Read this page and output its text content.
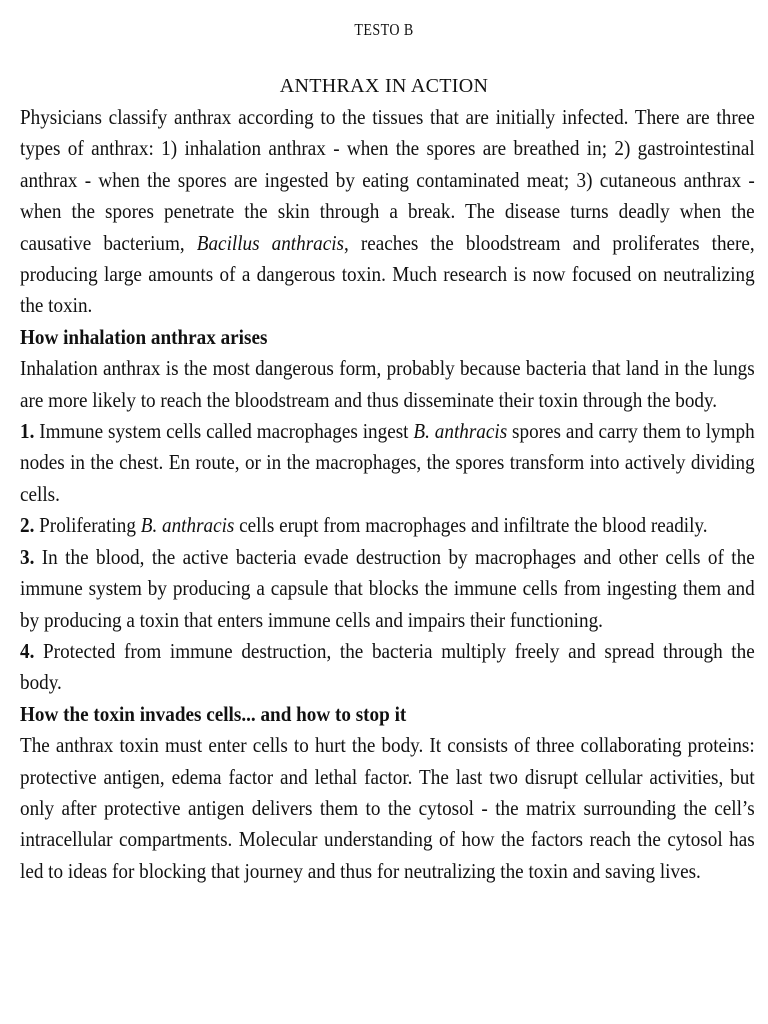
TESTO B
ANTHRAX IN ACTION

Physicians classify anthrax according to the tissues that are initially infected. There are three types of anthrax: 1) inhalation anthrax - when the spores are breathed in; 2) gastrointestinal anthrax - when the spores are ingested by eating contaminated meat; 3) cutaneous anthrax - when the spores penetrate the skin through a break. The disease turns deadly when the causative bacterium, Bacillus anthracis, reaches the bloodstream and proliferates there, producing large amounts of a dangerous toxin. Much research is now focused on neutralizing the toxin.

How inhalation anthrax arises

Inhalation anthrax is the most dangerous form, probably because bacteria that land in the lungs are more likely to reach the bloodstream and thus disseminate their toxin through the body.

1. Immune system cells called macrophages ingest B. anthracis spores and carry them to lymph nodes in the chest. En route, or in the macrophages, the spores transform into actively dividing cells.

2. Proliferating B. anthracis cells erupt from macrophages and infiltrate the blood readily.

3. In the blood, the active bacteria evade destruction by macrophages and other cells of the immune system by producing a capsule that blocks the immune cells from ingesting them and by producing a toxin that enters immune cells and impairs their functioning.

4. Protected from immune destruction, the bacteria multiply freely and spread through the body.

How the toxin invades cells... and how to stop it

The anthrax toxin must enter cells to hurt the body. It consists of three collaborating proteins: protective antigen, edema factor and lethal factor. The last two disrupt cellular activities, but only after protective antigen delivers them to the cytosol - the matrix surrounding the cell’s intracellular compartments. Molecular understanding of how the factors reach the cytosol has led to ideas for blocking that journey and thus for neutralizing the toxin and saving lives.
